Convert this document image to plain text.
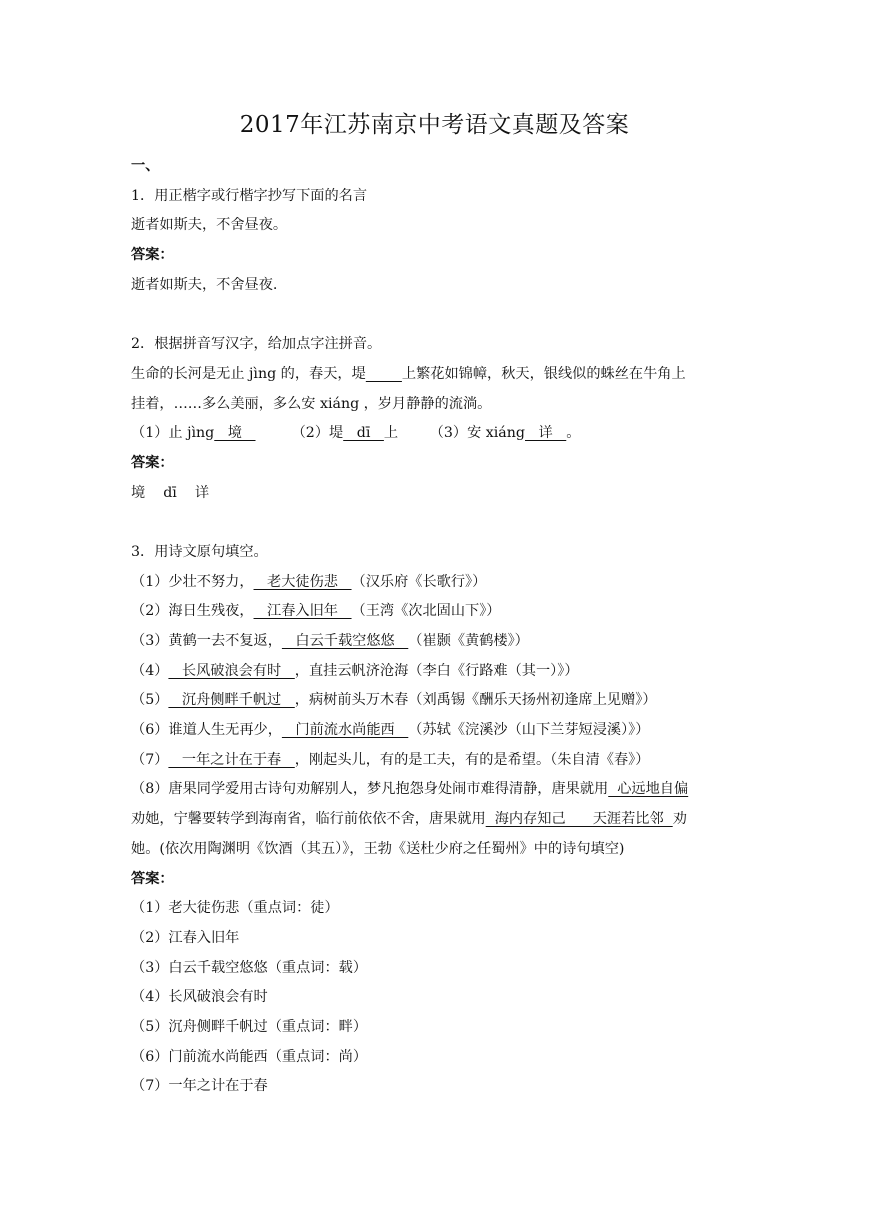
2017年江苏南京中考语文真题及答案
一、
1．用正楷字或行楷字抄写下面的名言
逝者如斯夫，不舍昼夜。
答案：
逝者如斯夫，不舍昼夜.
2．根据拼音写汉字，给加点字注拼音。
生命的长河是无止 jìng 的，春天，堤	上繁花如锦幛，秋天，银线似的蛛丝在牛角上
挂着，……多么美丽，多么安 xiáng ，岁月静静的流淌。
（1）止 jìng   境	（2）堤   dī   上 （3）安 xiáng   详   。
答案：
境    dī    详
3．用诗文原句填空。
（1）少壮不努力，   老大徒伤悲   （汉乐府《长歌行》）
（2）海日生残夜，   江春入旧年   （王湾《次北固山下》）
（3）黄鹤一去不复返，   白云千载空悠悠   （崔颢《黄鹤楼》）
（4）   长风破浪会有时   ，直挂云帆济沧海（李白《行路难（其一）》）
（5）   沉舟侧畔千帆过   ，病树前头万木春（刘禹锡《酬乐天扬州初逢席上见赠》）
（6）谁道人生无再少，   门前流水尚能西   （苏轼《浣溪沙（山下兰芽短浸溪）》）
（7）   一年之计在于春   ，刚起头儿，有的是工夫，有的是希望。（朱自清《春》）
（8）唐果同学爱用古诗句劝解别人，梦凡抱怨身处闹市难得清静，唐果就用  心远地自偏
劝她，宁馨要转学到海南省，临行前依依不舍，唐果就用  海内存知己      天涯若比邻  劝
她。(依次用陶渊明《饮酒（其五）》，王勃《送杜少府之任蜀州》中的诗句填空)
答案：
（1）老大徒伤悲（重点词：徒）
（2）江春入旧年
（3）白云千载空悠悠（重点词：载）
（4）长风破浪会有时
（5）沉舟侧畔千帆过（重点词：畔）
（6）门前流水尚能西（重点词：尚）
（7）一年之计在于春
